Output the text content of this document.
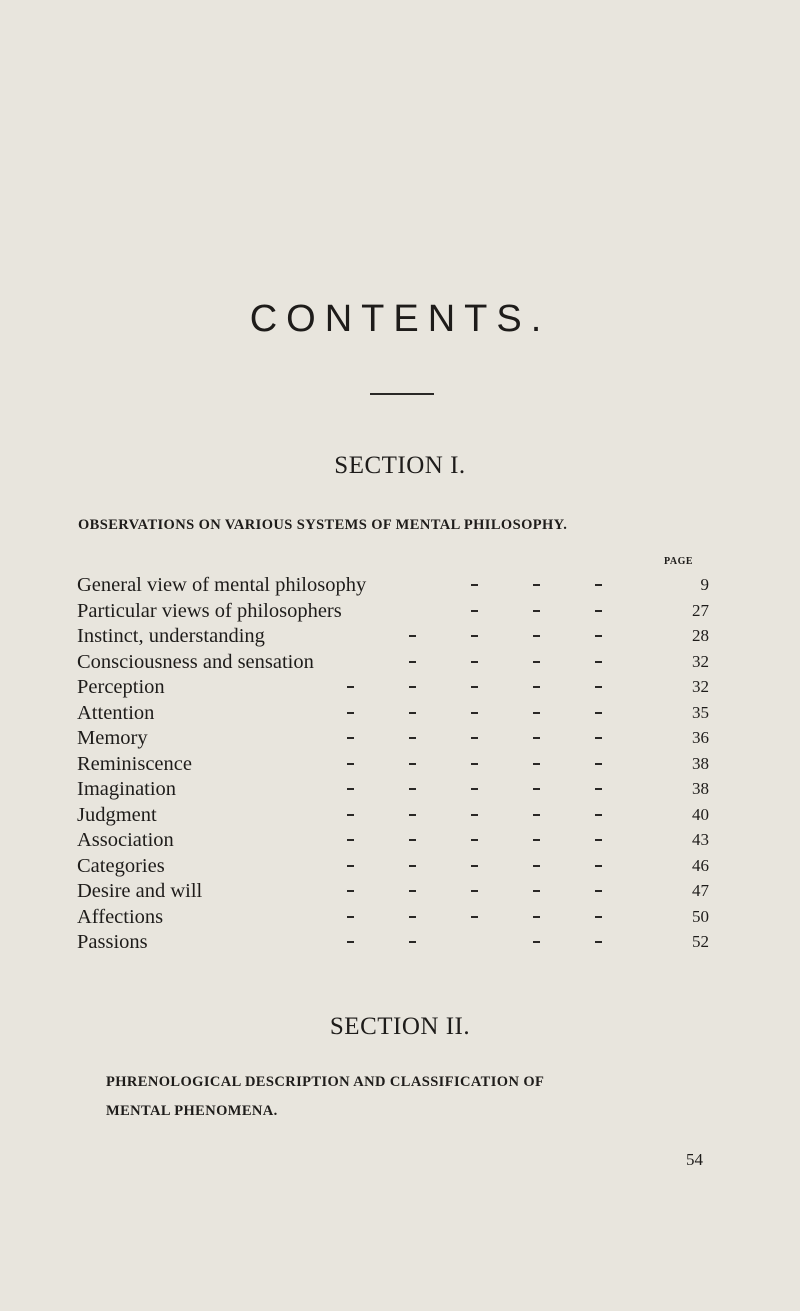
CONTENTS.
SECTION I.
OBSERVATIONS ON VARIOUS SYSTEMS OF MENTAL PHILOSOPHY.
PAGE
General view of mental philosophy	9
Particular views of philosophers	27
Instinct, understanding	28
Consciousness and sensation	32
Perception	32
Attention	35
Memory	36
Reminiscence	38
Imagination	38
Judgment	40
Association	43
Categories	46
Desire and will	47
Affections	50
Passions	52
SECTION II.
PHRENOLOGICAL DESCRIPTION AND CLASSIFICATION OF
MENTAL PHENOMENA.
54
